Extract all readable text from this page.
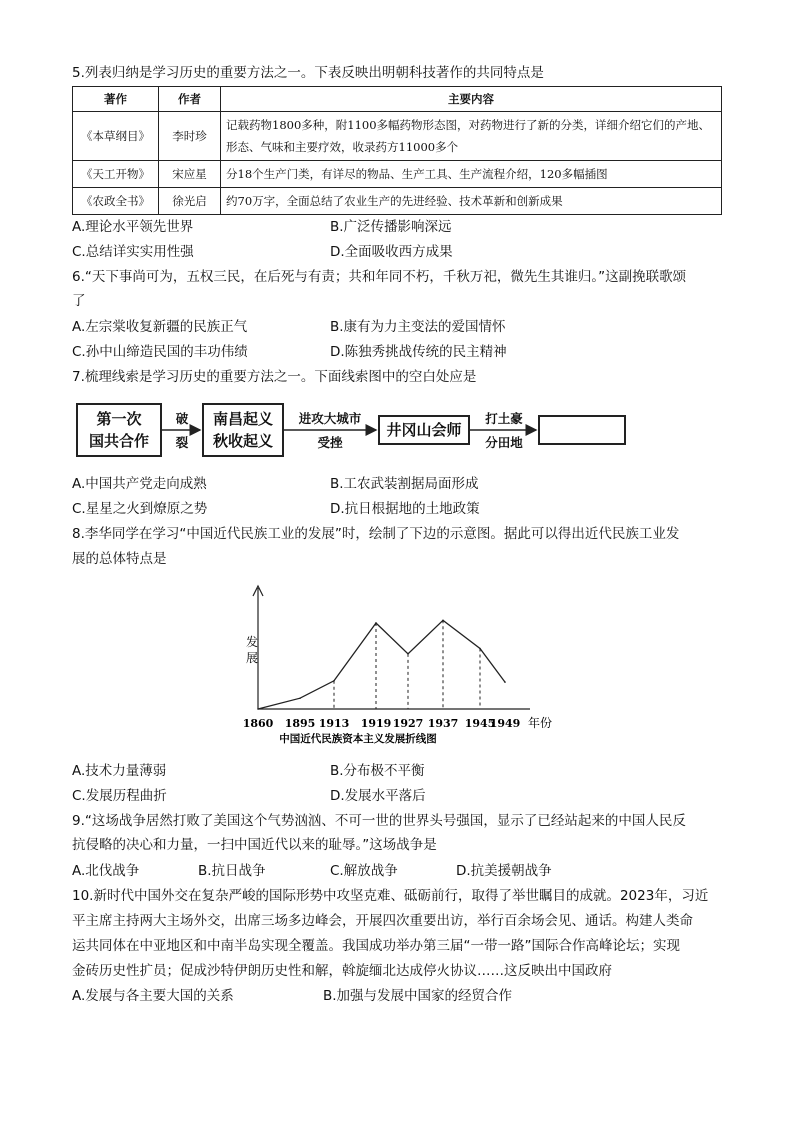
5.列表归纳是学习历史的重要方法之一。下表反映出明朝科技著作的共同特点是
著作	作者	主要内容
《本草纲目》	李时珍	记载药物1800多种，附1100多幅药物形态图，对药物进行了新的分类，详细介绍它们的产地、形态、气味和主要疗效，收录药方11000多个
《天工开物》	宋应星	分18个生产门类，有详尽的物品、生产工具、生产流程介绍，120多幅插图
《农政全书》	徐光启	约70万字，全面总结了农业生产的先进经验、技术革新和创新成果
A.理论水平领先世界	B.广泛传播影响深远
C.总结详实实用性强	D.全面吸收西方成果
6.“天下事尚可为，五权三民，在后死与有责；共和年同不朽，千秋万祀，微先生其谁归。”这副挽联歌颂
了
A.左宗棠收复新疆的民族正气	B.康有为力主变法的爱国情怀
C.孙中山缔造民国的丰功伟绩	D.陈独秀挑战传统的民主精神
7.梳理线索是学习历史的重要方法之一。下面线索图中的空白处应是
第一次
国共合作
破
裂
南昌起义
秋收起义
进攻大城市
受挫
井冈山会师
打土豪
分田地
A.中国共产党走向成熟	B.工农武装割据局面形成
C.星星之火到燎原之势	D.抗日根据地的土地政策
8.李华同学在学习“中国近代民族工业的发展”时，绘制了下边的示意图。据此可以得出近代民族工业发
展的总体特点是
发
展
1860 1895 1913 1919 1927 1937 1945
1949 年份
中国近代民族资本主义发展折线图
A.技术力量薄弱	B.分布极不平衡
C.发展历程曲折	D.发展水平落后
9.“这场战争居然打败了美国这个气势汹汹、不可一世的世界头号强国，显示了已经站起来的中国人民反
抗侵略的决心和力量，一扫中国近代以来的耻辱。”这场战争是
A.北伐战争	B.抗日战争	C.解放战争	D.抗美援朝战争
10.新时代中国外交在复杂严峻的国际形势中攻坚克难、砥砺前行，取得了举世瞩目的成就。2023年，习近
平主席主持两大主场外交，出席三场多边峰会，开展四次重要出访，举行百余场会见、通话。构建人类命
运共同体在中亚地区和中南半岛实现全覆盖。我国成功举办第三届“一带一路”国际合作高峰论坛；实现
金砖历史性扩员；促成沙特伊朗历史性和解，斡旋缅北达成停火协议……这反映出中国政府
A.发展与各主要大国的关系	B.加强与发展中国家的经贸合作
